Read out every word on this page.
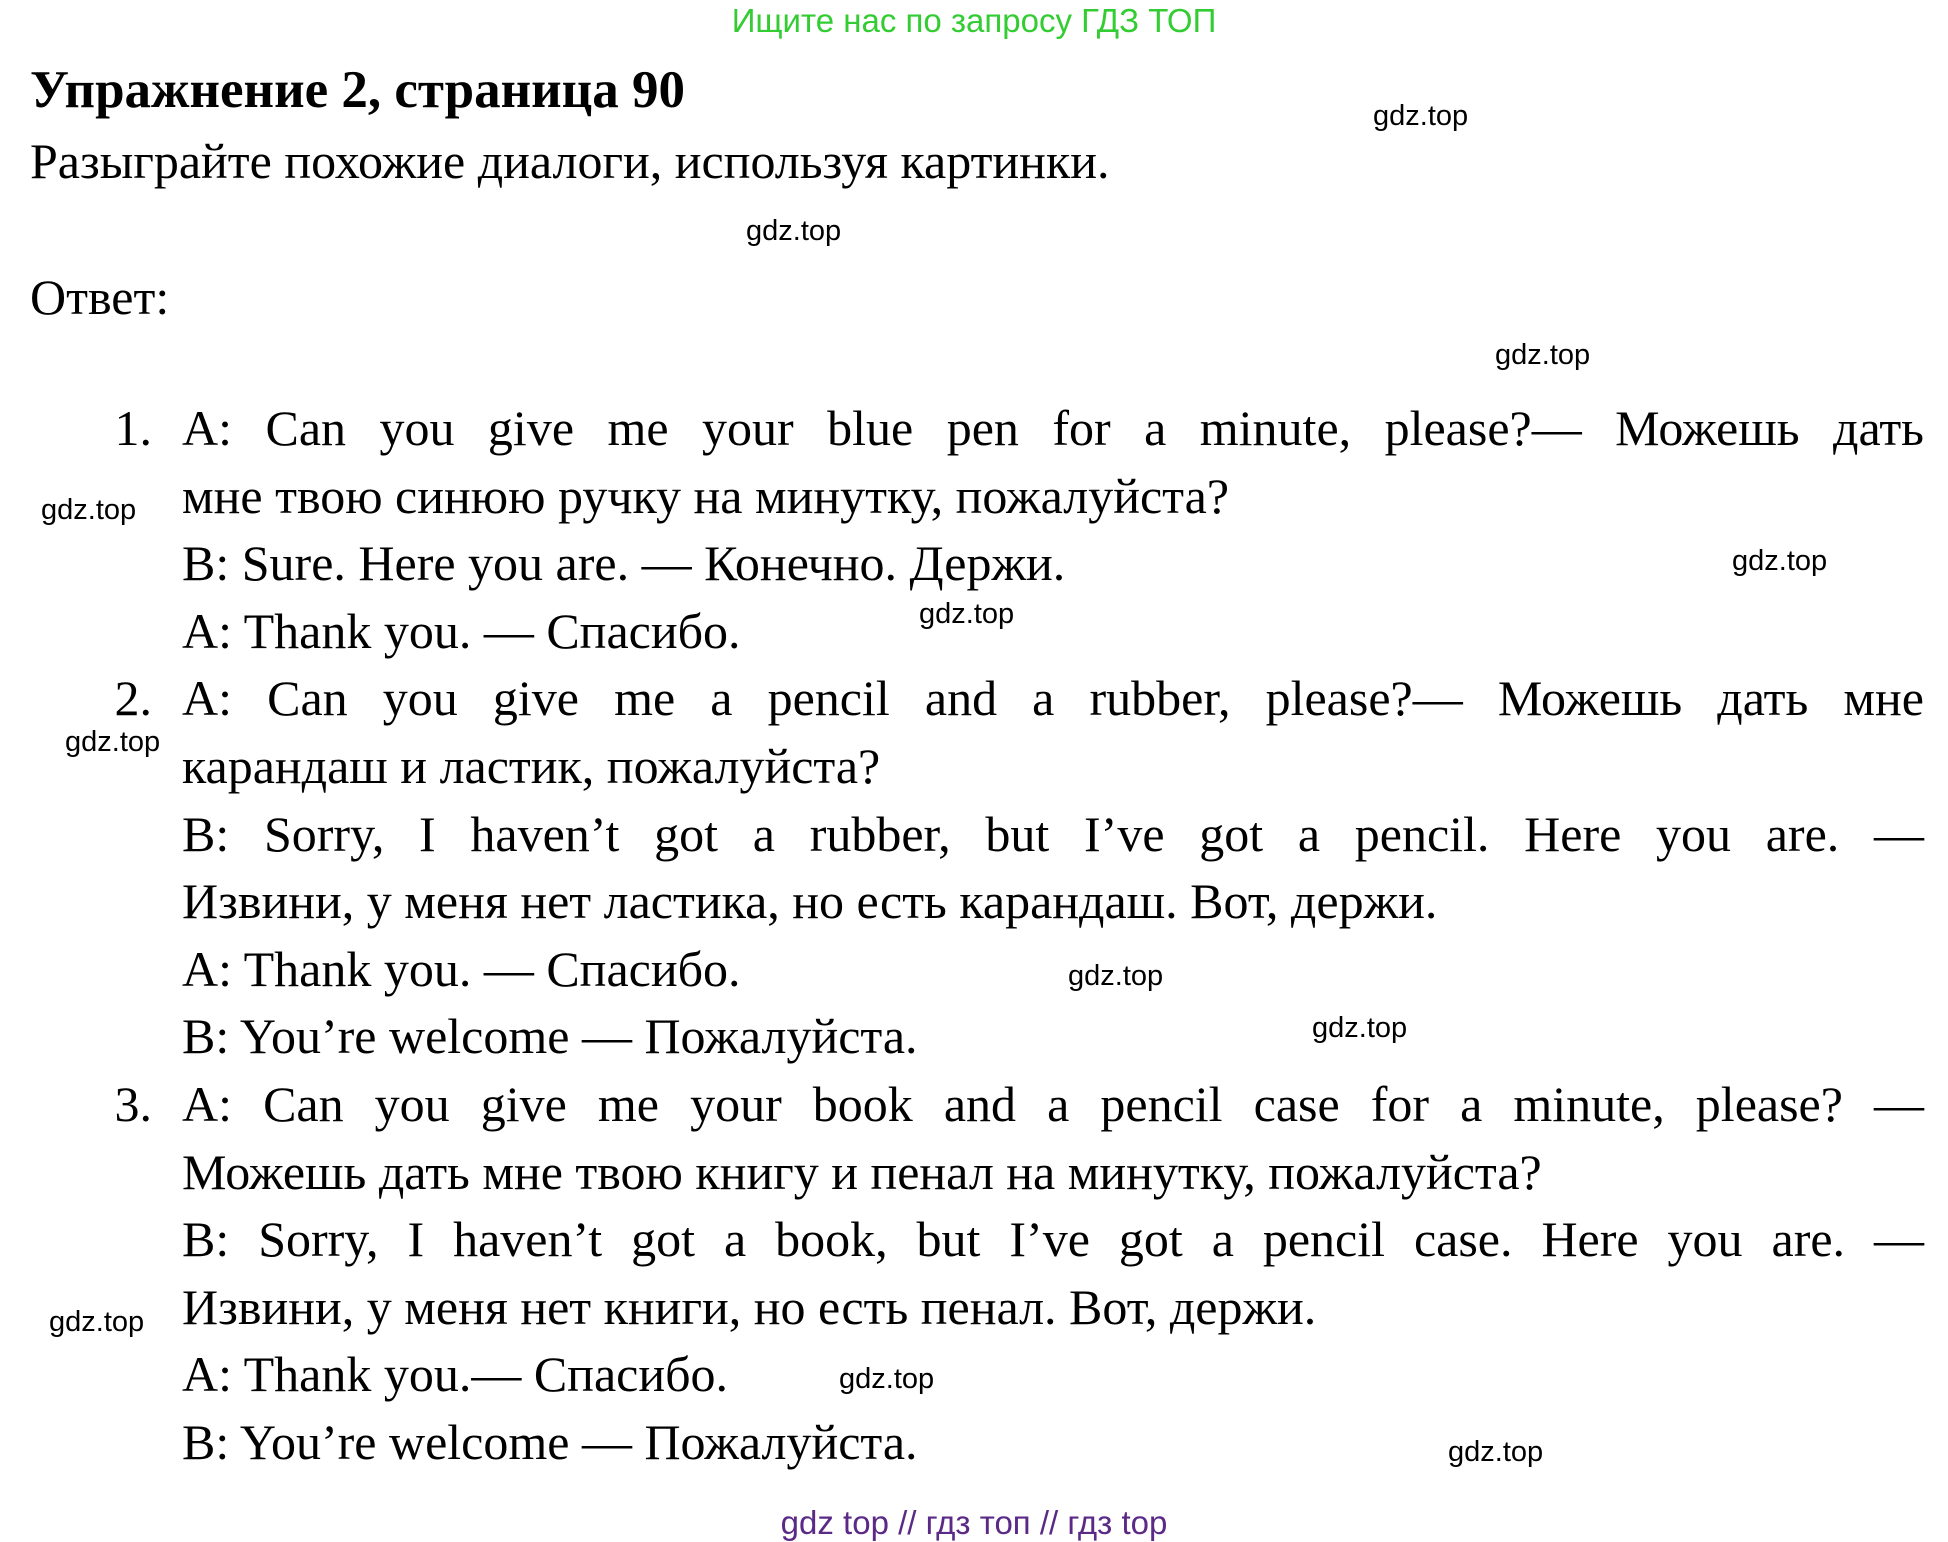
Ищите нас по запросу ГДЗ ТОП
Упражнение 2, страница 90
Разыграйте похожие диалоги, используя картинки.
Ответ:
1. A: Can you give me your blue pen for a minute, please?— Можешь дать
мне твою синюю ручку на минутку, пожалуйста?
B: Sure. Here you are. — Конечно. Держи.
A: Thank you. — Спасибо.
2. A: Can you give me a pencil and a rubber, please?— Можешь дать мне
карандаш и ластик, пожалуйста?
B: Sorry, I haven’t got a rubber, but I’ve got a pencil. Here you are. —
Извини, у меня нет ластика, но есть карандаш. Вот, держи.
A: Thank you. — Спасибо.
B: You’re welcome — Пожалуйста.
3. A: Can you give me your book and a pencil case for a minute, please? —
Можешь дать мне твою книгу и пенал на минутку, пожалуйста?
B: Sorry, I haven’t got a book, but I’ve got a pencil case. Here you are. —
Извини, у меня нет книги, но есть пенал. Вот, держи.
A: Thank you.— Спасибо.
B: You’re welcome — Пожалуйста.
gdz.top
gdz.top
gdz.top
gdz.top
gdz.top
gdz.top
gdz.top
gdz.top
gdz.top
gdz.top
gdz.top
gdz.top
gdz top // гдз топ // гдз top
